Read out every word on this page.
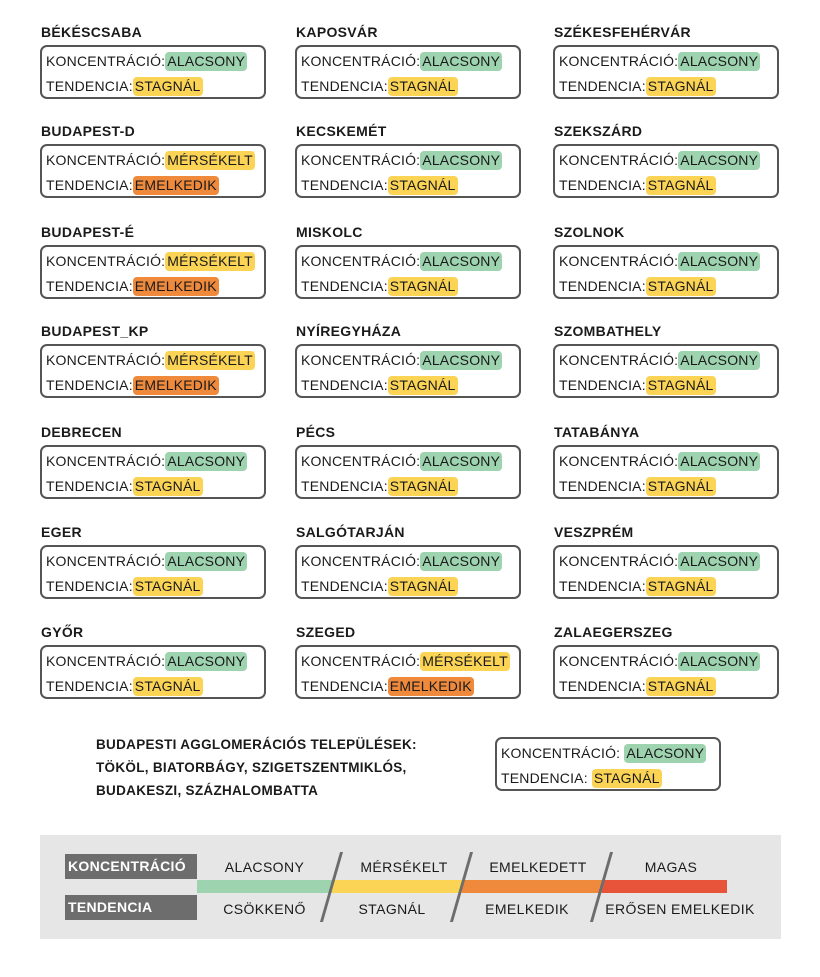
BÉKÉSCSABA
KONCENTRÁCIÓ: ALACSONY
TENDENCIA: STAGNÁL
KAPOSVÁR
KONCENTRÁCIÓ: ALACSONY
TENDENCIA: STAGNÁL
SZÉKESFEHÉRVÁR
KONCENTRÁCIÓ: ALACSONY
TENDENCIA: STAGNÁL
BUDAPEST-D
KONCENTRÁCIÓ: MÉRSÉKELT
TENDENCIA: EMELKEDIK
KECSKEMÉT
KONCENTRÁCIÓ: ALACSONY
TENDENCIA: STAGNÁL
SZEKSZÁRD
KONCENTRÁCIÓ: ALACSONY
TENDENCIA: STAGNÁL
BUDAPEST-É
KONCENTRÁCIÓ: MÉRSÉKELT
TENDENCIA: EMELKEDIK
MISKOLC
KONCENTRÁCIÓ: ALACSONY
TENDENCIA: STAGNÁL
SZOLNOK
KONCENTRÁCIÓ: ALACSONY
TENDENCIA: STAGNÁL
BUDAPEST_KP
KONCENTRÁCIÓ: MÉRSÉKELT
TENDENCIA: EMELKEDIK
NYÍREGYHÁZA
KONCENTRÁCIÓ: ALACSONY
TENDENCIA: STAGNÁL
SZOMBATHELY
KONCENTRÁCIÓ: ALACSONY
TENDENCIA: STAGNÁL
DEBRECEN
KONCENTRÁCIÓ: ALACSONY
TENDENCIA: STAGNÁL
PÉCS
KONCENTRÁCIÓ: ALACSONY
TENDENCIA: STAGNÁL
TATABÁNYA
KONCENTRÁCIÓ: ALACSONY
TENDENCIA: STAGNÁL
EGER
KONCENTRÁCIÓ: ALACSONY
TENDENCIA: STAGNÁL
SALGÓTARJÁN
KONCENTRÁCIÓ: ALACSONY
TENDENCIA: STAGNÁL
VESZPRÉM
KONCENTRÁCIÓ: ALACSONY
TENDENCIA: STAGNÁL
GYŐR
KONCENTRÁCIÓ: ALACSONY
TENDENCIA: STAGNÁL
SZEGED
KONCENTRÁCIÓ: MÉRSÉKELT
TENDENCIA: EMELKEDIK
ZALAEGERSZEG
KONCENTRÁCIÓ: ALACSONY
TENDENCIA: STAGNÁL
BUDAPESTI AGGLOMERÁCIÓS TELEPÜLÉSEK:
TÖKÖL, BIATORBÁGY, SZIGETSZENTMIKLÓS,
BUDAKESZI, SZÁZHALOMBATTA
KONCENTRÁCIÓ: ALACSONY
TENDENCIA: STAGNÁL
KONCENTRÁCIÓ
TENDENCIA
ALACSONY	MÉRSÉKELT	EMELKEDETT	MAGAS
CSÖKKENŐ	STAGNÁL	EMELKEDIK	ERŐSEN EMELKEDIK
